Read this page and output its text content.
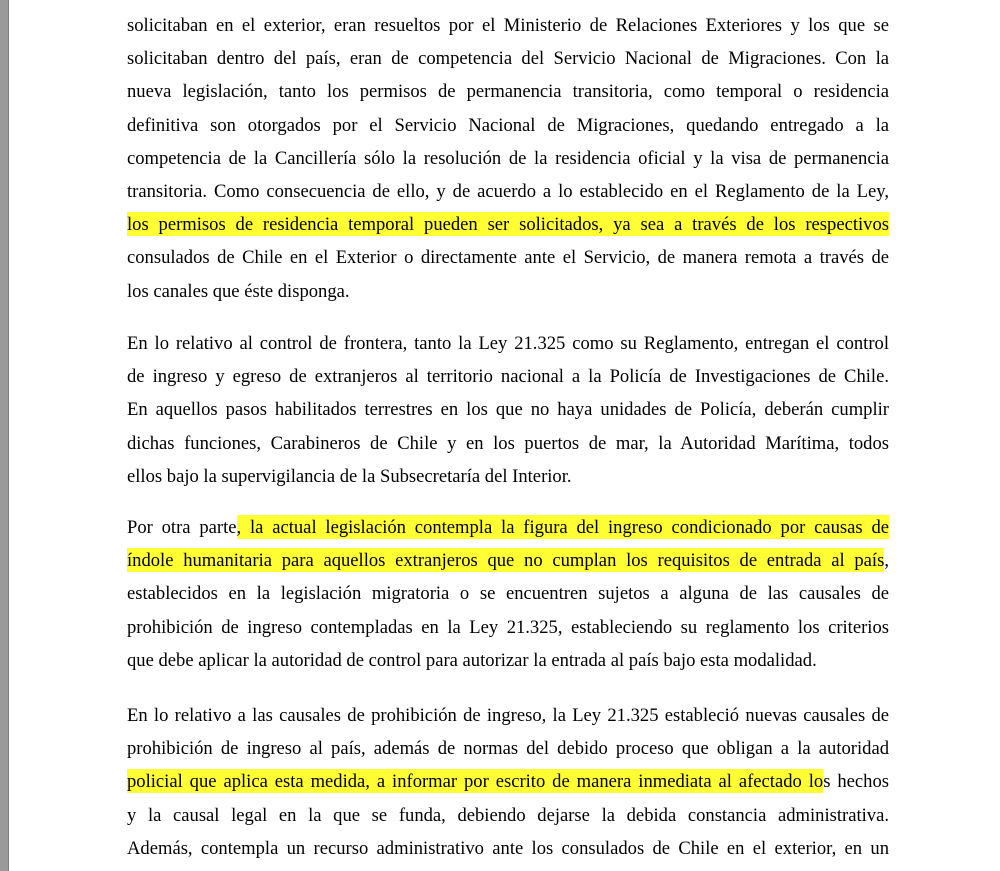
solicitaban en el exterior, eran resueltos por el Ministerio de Relaciones Exteriores y los que se
solicitaban dentro del país, eran de competencia del Servicio Nacional de Migraciones. Con la
nueva legislación, tanto los permisos de permanencia transitoria, como temporal o residencia
definitiva son otorgados por el Servicio Nacional de Migraciones, quedando entregado a la
competencia de la Cancillería sólo la resolución de la residencia oficial y la visa de permanencia
transitoria. Como consecuencia de ello, y de acuerdo a lo establecido en el Reglamento de la Ley,
los permisos de residencia temporal pueden ser solicitados, ya sea a través de los respectivos
consulados de Chile en el Exterior o directamente ante el Servicio, de manera remota a través de
los canales que éste disponga.
En lo relativo al control de frontera, tanto la Ley 21.325 como su Reglamento, entregan el control
de ingreso y egreso de extranjeros al territorio nacional a la Policía de Investigaciones de Chile.
En aquellos pasos habilitados terrestres en los que no haya unidades de Policía, deberán cumplir
dichas funciones, Carabineros de Chile y en los puertos de mar, la Autoridad Marítima, todos
ellos bajo la supervigilancia de la Subsecretaría del Interior.
Por otra parte, la actual legislación contempla la figura del ingreso condicionado por causas de
índole humanitaria para aquellos extranjeros que no cumplan los requisitos de entrada al país,
establecidos en la legislación migratoria o se encuentren sujetos a alguna de las causales de
prohibición de ingreso contempladas en la Ley 21.325, estableciendo su reglamento los criterios
que debe aplicar la autoridad de control para autorizar la entrada al país bajo esta modalidad.
En lo relativo a las causales de prohibición de ingreso, la Ley 21.325 estableció nuevas causales de
prohibición de ingreso al país, además de normas del debido proceso que obligan a la autoridad
policial que aplica esta medida, a informar por escrito de manera inmediata al afectado los hechos
y la causal legal en la que se funda, debiendo dejarse la debida constancia administrativa.
Además, contempla un recurso administrativo ante los consulados de Chile en el exterior, en un
